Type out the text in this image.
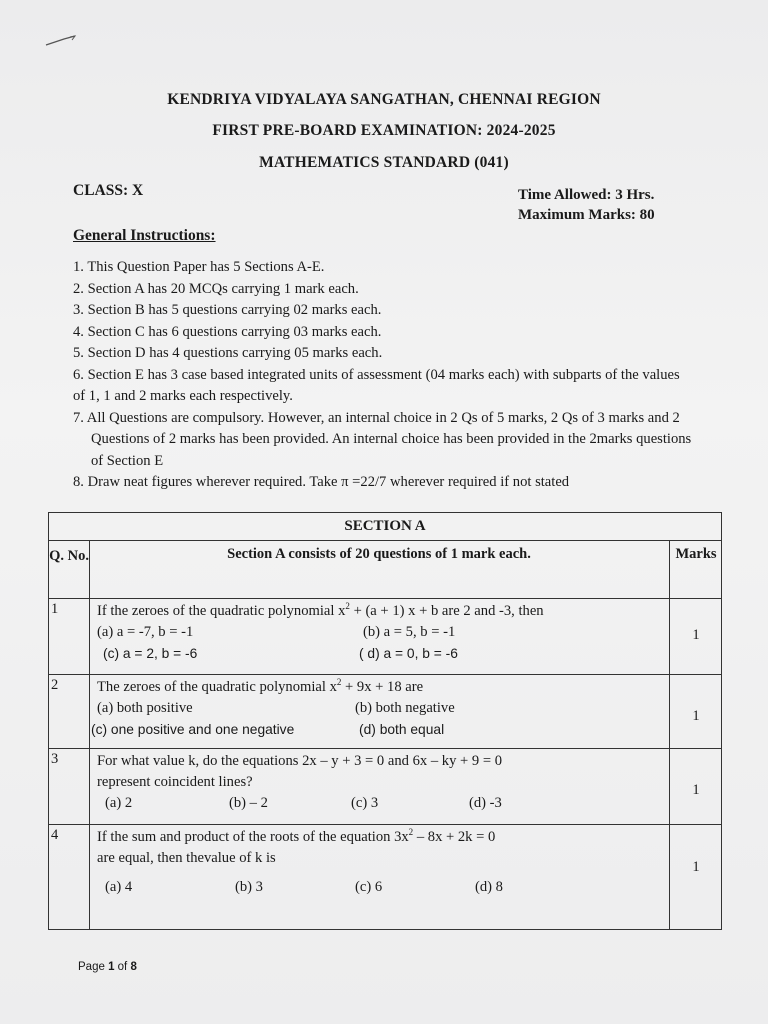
KENDRIYA VIDYALAYA SANGATHAN, CHENNAI REGION
FIRST PRE-BOARD EXAMINATION: 2024-2025
MATHEMATICS STANDARD (041)
CLASS: X	Time Allowed: 3 Hrs.
Maximum Marks: 80
General Instructions:
1. This Question Paper has 5 Sections A-E.
2. Section A has 20 MCQs carrying 1 mark each.
3. Section B has 5 questions carrying 02 marks each.
4. Section C has 6 questions carrying 03 marks each.
5. Section D has 4 questions carrying 05 marks each.
6. Section E has 3 case based integrated units of assessment (04 marks each) with subparts of the values of 1, 1 and 2 marks each respectively.
7. All Questions are compulsory. However, an internal choice in 2 Qs of 5 marks, 2 Qs of 3 marks and 2 Questions of 2 marks has been provided. An internal choice has been provided in the 2marks questions of Section E
8. Draw neat figures wherever required. Take π =22/7 wherever required if not stated
SECTION A
Q. No.	Section A consists of 20 questions of 1 mark each.	Marks
1	If the zeroes of the quadratic polynomial $x^2 + (a + 1) x + b$ are 2 and -3, then
(a) a = -7, b = -1	(b) a = 5, b = -1
(c) a = 2, b = -6	( d) a = 0, b = -6
1
2	The zeroes of the quadratic polynomial $x^2 + 9x + 18$ are
(a) both positive	(b) both negative
(c) one positive and one negative	(d) both equal
1
3	For what value k, do the equations 2x – y + 3 = 0 and 6x – ky + 9 = 0
represent coincident lines?
(a) 2	(b) – 2	(c) 3	(d) -3
1
4	If the sum and product of the roots of the equation $3x^2 - 8x + 2k = 0$
are equal, then thevalue of k is
(a) 4	(b) 3	(c) 6	(d) 8
1
Page 1 of 8
